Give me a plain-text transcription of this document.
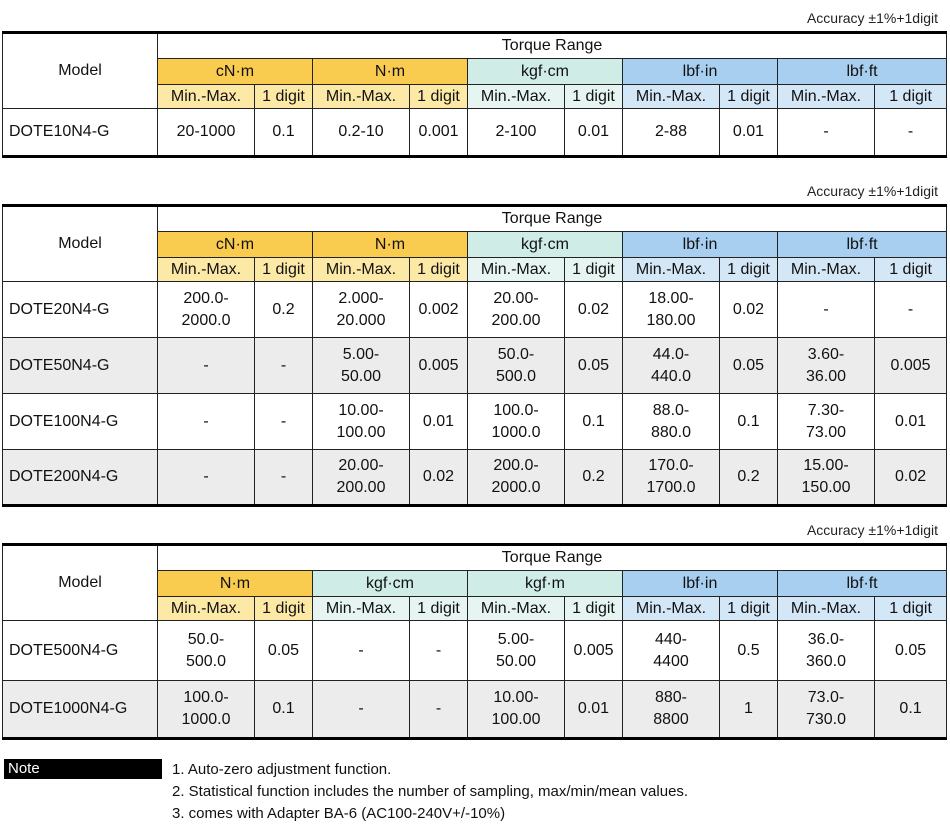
Accuracy ±1%+1digit
Model	Torque Range									
	cN·m		N·m		kgf·cm		lbf·in		lbf·ft	
	Min.-Max.	1 digit	Min.-Max.	1 digit	Min.-Max.	1 digit	Min.-Max.	1 digit	Min.-Max.	1 digit
DOTE10N4-G	20-1000	0.1	0.2-10	0.001	2-100	0.01	2-88	0.01	-	-
Accuracy ±1%+1digit
Model	Torque Range									
	cN·m		N·m		kgf·cm		lbf·in		lbf·ft	
	Min.-Max.	1 digit	Min.-Max.	1 digit	Min.-Max.	1 digit	Min.-Max.	1 digit	Min.-Max.	1 digit
DOTE20N4-G	200.0-
2000.0	0.2	2.000-
20.000	0.002	20.00-
200.00	0.02	18.00-
180.00	0.02	-	-
DOTE50N4-G	-	-	5.00-
50.00	0.005	50.0-
500.0	0.05	44.0-
440.0	0.05	3.60-
36.00	0.005
DOTE100N4-G	-	-	10.00-
100.00	0.01	100.0-
1000.0	0.1	88.0-
880.0	0.1	7.30-
73.00	0.01
DOTE200N4-G	-	-	20.00-
200.00	0.02	200.0-
2000.0	0.2	170.0-
1700.0	0.2	15.00-
150.00	0.02
Accuracy ±1%+1digit
Model	Torque Range									
	N·m		kgf·cm		kgf·m		lbf·in		lbf·ft	
	Min.-Max.	1 digit	Min.-Max.	1 digit	Min.-Max.	1 digit	Min.-Max.	1 digit	Min.-Max.	1 digit
DOTE500N4-G	50.0-
500.0	0.05	-	-	5.00-
50.00	0.005	440-
4400	0.5	36.0-
360.0	0.05
DOTE1000N4-G	100.0-
1000.0	0.1	-	-	10.00-
100.00	0.01	880-
8800	1	73.0-
730.0	0.1
Note	1. Auto-zero adjustment function.
2. Statistical function includes the number of sampling, max/min/mean values.
3. comes with Adapter BA-6 (AC100-240V+/-10%)
